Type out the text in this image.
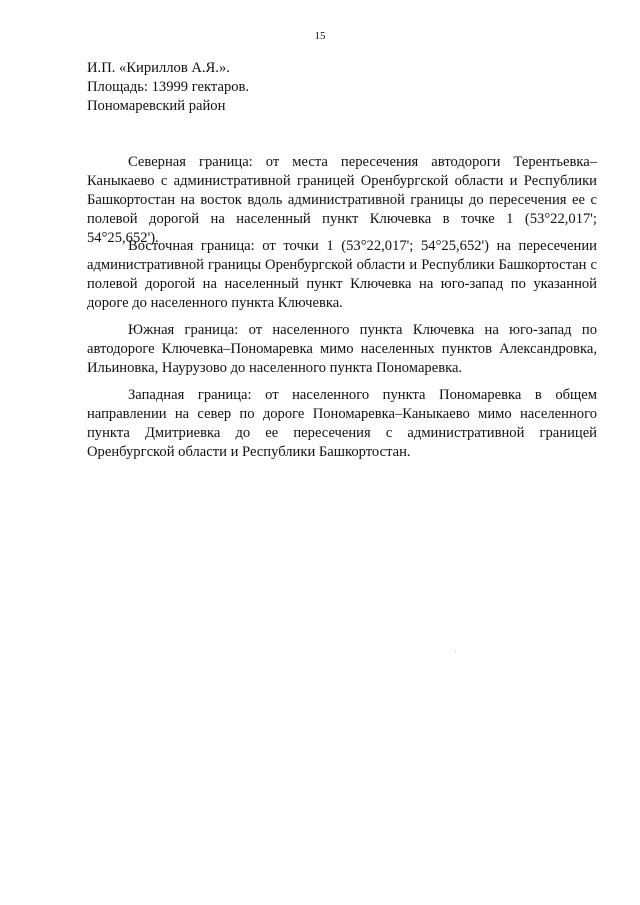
15
И.П. «Кириллов А.Я.».
Площадь: 13999 гектаров.
Пономаревский район

Северная граница: от места пересечения автодороги Терентьевка–Каныкаево с административной границей Оренбургской области и Республики Башкортостан на восток вдоль административной границы до пересечения ее с полевой дорогой на населенный пункт Ключевка в точке 1 (53°22,017'; 54°25,652').

Восточная граница: от точки 1 (53°22,017'; 54°25,652') на пересечении административной границы Оренбургской области и Республики Башкортостан с полевой дорогой на населенный пункт Ключевка на юго-запад по указанной дороге до населенного пункта Ключевка.

Южная граница: от населенного пункта Ключевка на юго-запад по автодороге Ключевка–Пономаревка мимо населенных пунктов Александровка, Ильиновка, Наурузово до населенного пункта Пономаревка.

Западная граница: от населенного пункта Пономаревка в общем направлении на север по дороге Пономаревка–Каныкаево мимо населенного пункта Дмитриевка до ее пересечения с административной границей Оренбургской области и Республики Башкортостан.
